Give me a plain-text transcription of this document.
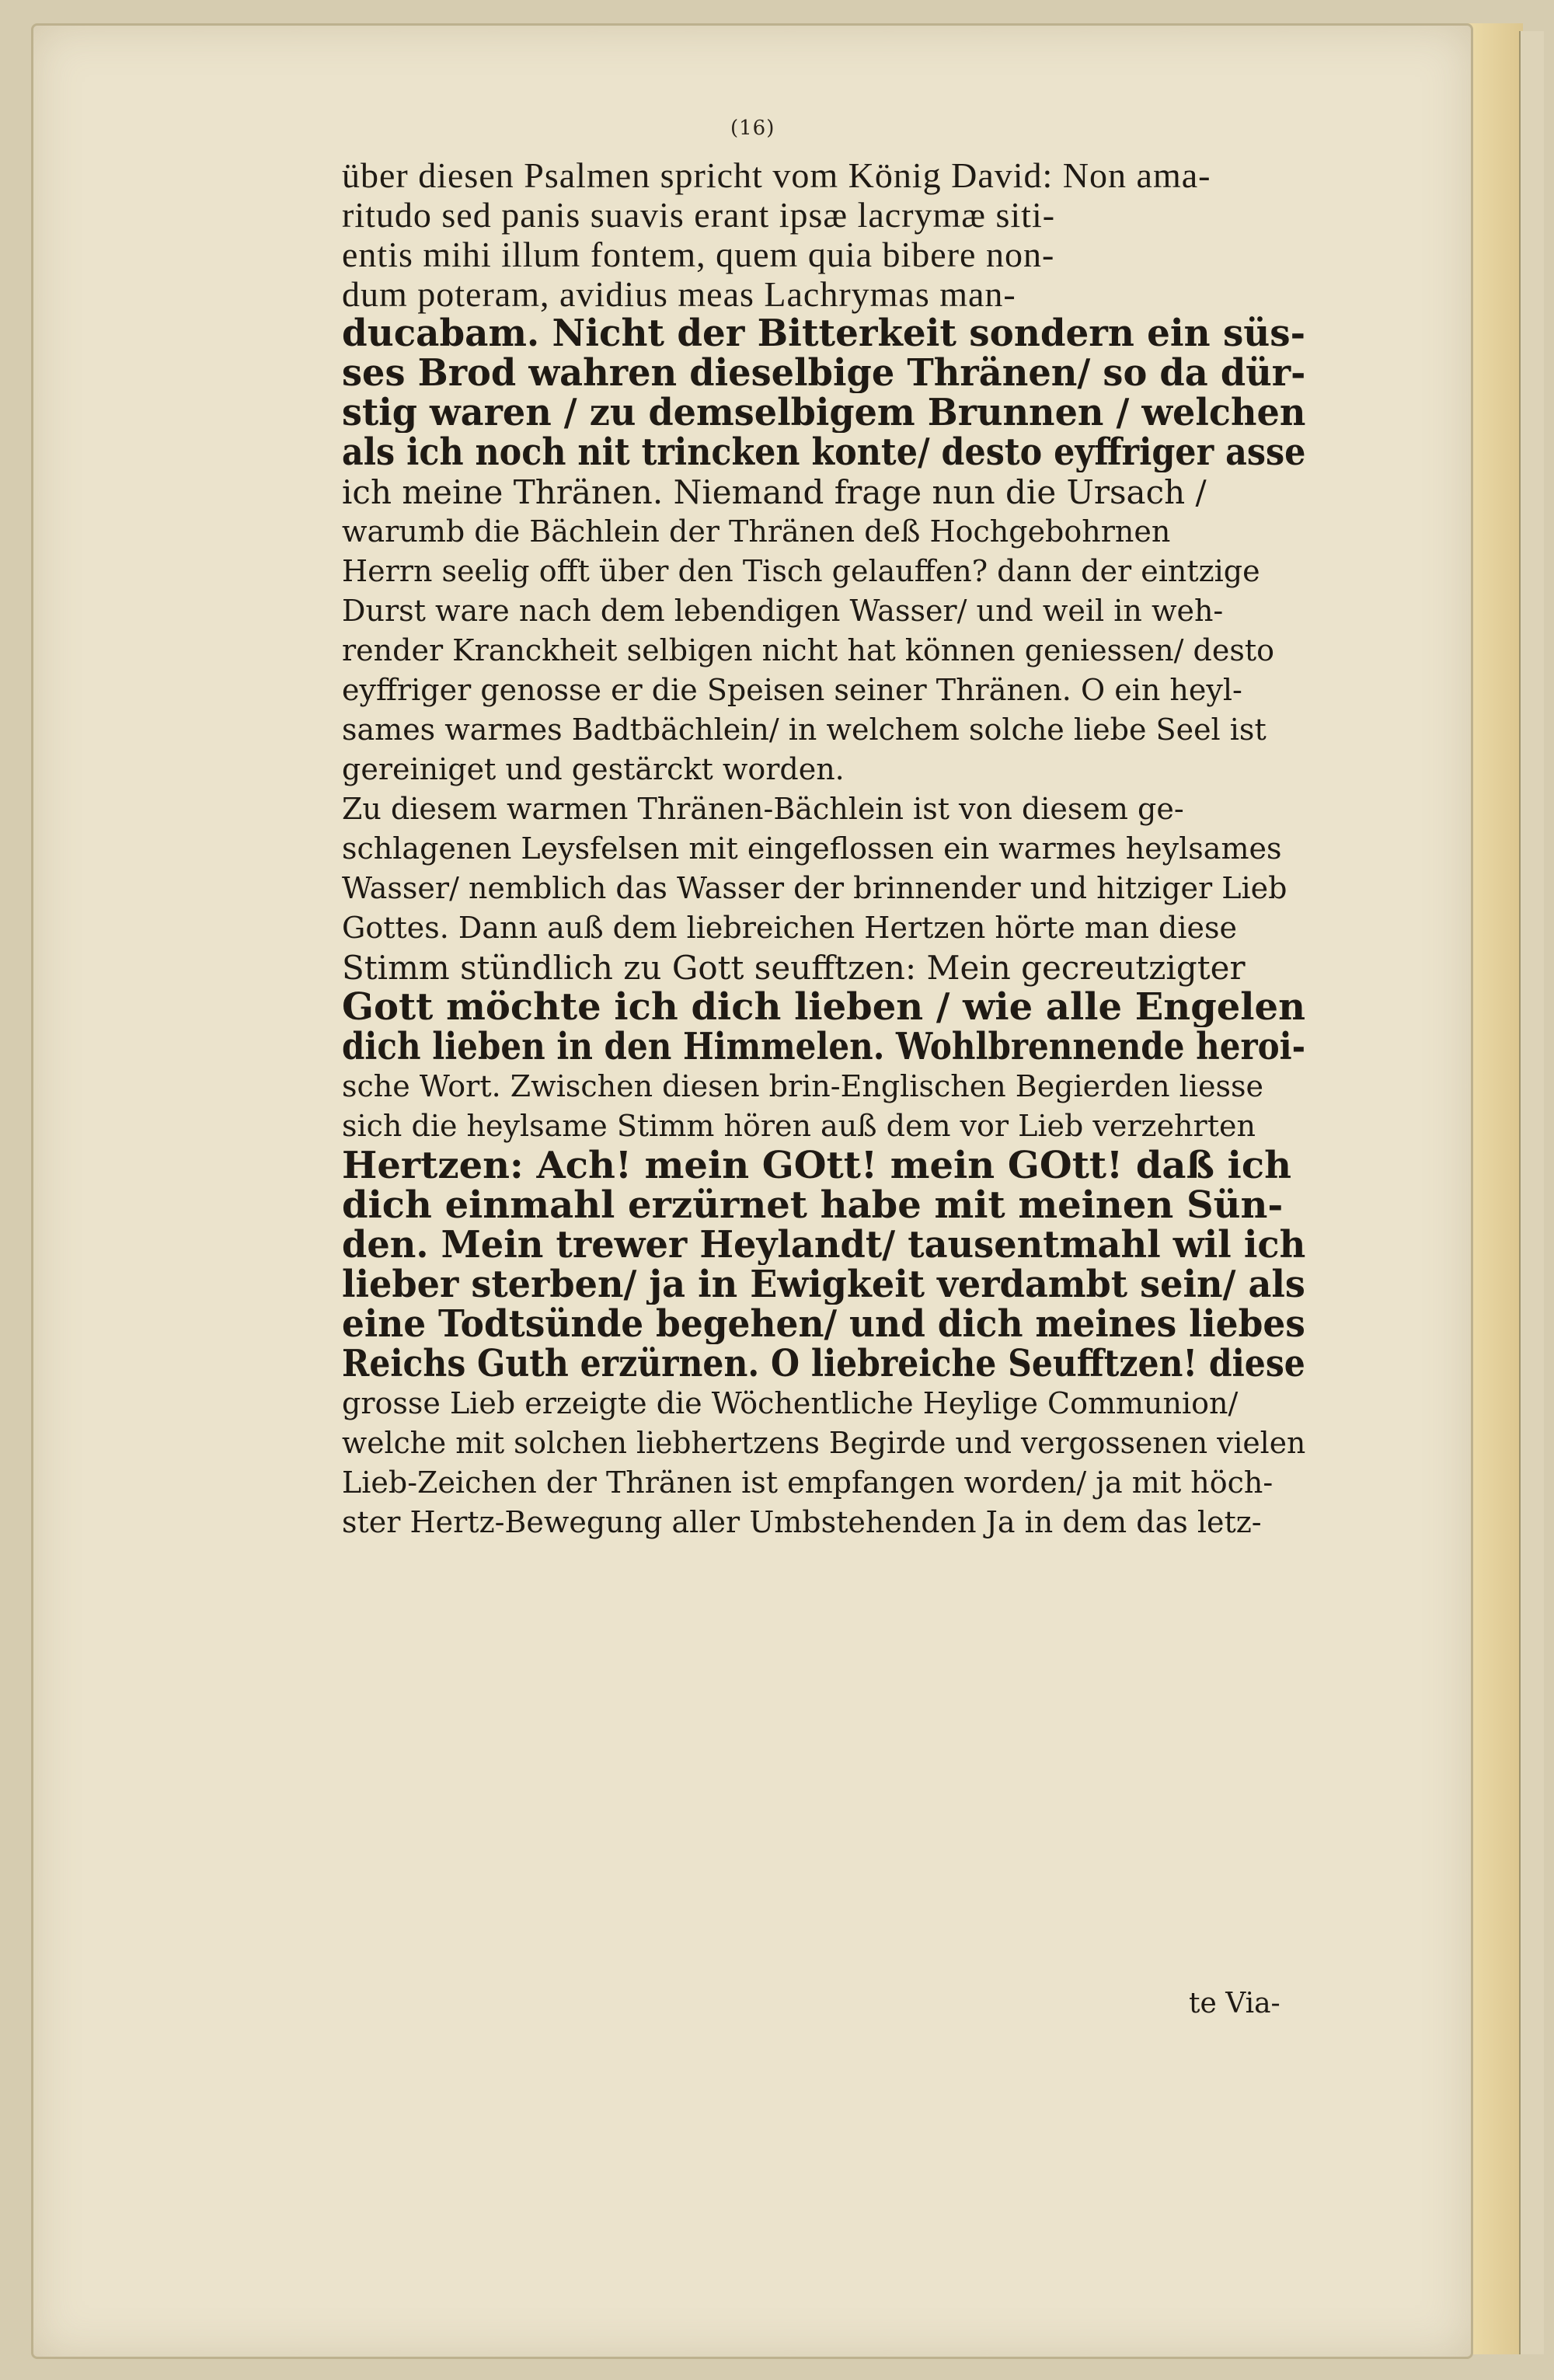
(16)
über diesen Psalmen spricht vom König David: Non ama-
ritudo sed panis suavis erant ipsæ lacrymæ siti-
entis mihi illum fontem, quem quia bibere non-
dum poteram, avidius meas Lachrymas man-
ducabam. Nicht der Bitterkeit sondern ein süs-
ses Brod wahren dieselbige Thränen/ so da dür-
stig waren / zu demselbigem Brunnen / welchen
als ich noch nit trincken konte/ desto eyffriger asse
ich meine Thränen. Niemand frage nun die Ursach /
warumb die Bächlein der Thränen deß Hochgebohrnen
Herrn seelig offt über den Tisch gelauffen? dann der eintzige
Durst ware nach dem lebendigen Wasser/ und weil in weh-
render Kranckheit selbigen nicht hat können geniessen/ desto
eyffriger genosse er die Speisen seiner Thränen. O ein heyl-
sames warmes Badtbächlein/ in welchem solche liebe Seel ist
gereiniget und gestärckt worden.
Zu diesem warmen Thränen-Bächlein ist von diesem ge-
schlagenen Leysfelsen mit eingeflossen ein warmes heylsames
Wasser/ nemblich das Wasser der brinnender und hitziger Lieb
Gottes. Dann auß dem liebreichen Hertzen hörte man diese
Stimm stündlich zu Gott seufftzen: Mein gecreutzigter
Gott möchte ich dich lieben / wie alle Engelen
dich lieben in den Himmelen. Wohlbrennende heroi-
sche Wort. Zwischen diesen brin-Englischen Begierden liesse
sich die heylsame Stimm hören auß dem vor Lieb verzehrten
Hertzen: Ach! mein GOtt! mein GOtt! daß ich
dich einmahl erzürnet habe mit meinen Sün-
den. Mein trewer Heylandt/ tausentmahl wil ich
lieber sterben/ ja in Ewigkeit verdambt sein/ als
eine Todtsünde begehen/ und dich meines liebes
Reichs Guth erzürnen. O liebreiche Seufftzen! diese
grosse Lieb erzeigte die Wöchentliche Heylige Communion/
welche mit solchen liebhertzens Begirde und vergossenen vielen
Lieb-Zeichen der Thränen ist empfangen worden/ ja mit höch-
ster Hertz-Bewegung aller Umbstehenden Ja in dem das letz-
te Via-
